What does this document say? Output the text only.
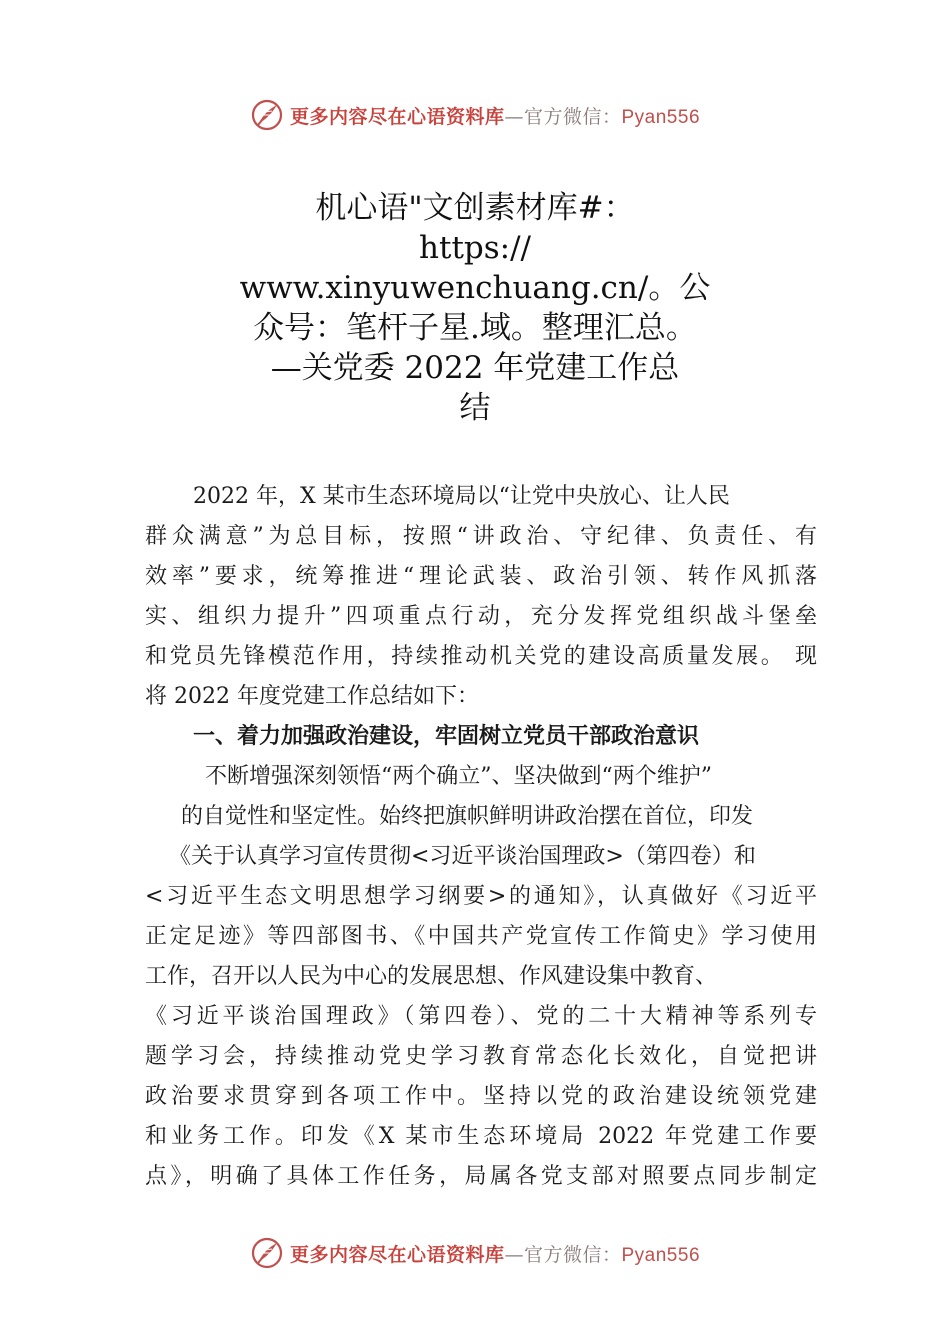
更多内容尽在心语资料库—官方微信：Pyan556
机心语"文创素材库#：
https://
www.xinyuwenchuang.cn/。公
众号：笔杆子星.域。整理汇总。
—关党委 2022 年党建工作总
结
2022 年，X 某市生态环境局以“让党中央放心、让人民
群众满意”为总目标，按照“讲政治、守纪律、负责任、有
效率”要求，统筹推进“理论武装、政治引领、转作风抓落
实、组织力提升”四项重点行动，充分发挥党组织战斗堡垒
和党员先锋模范作用，持续推动机关党的建设高质量发展。 现
将 2022 年度党建工作总结如下：
一、着力加强政治建设，牢固树立党员干部政治意识
不断增强深刻领悟“两个确立”、坚决做到“两个维护”
的自觉性和坚定性。始终把旗帜鲜明讲政治摆在首位，印发
《关于认真学习宣传贯彻<习近平谈治国理政>（第四卷）和
<习近平生态文明思想学习纲要>的通知》，认真做好《习近平
正定足迹》等四部图书、《中国共产党宣传工作简史》学习使用
工作，召开以人民为中心的发展思想、作风建设集中教育、
《习近平谈治国理政》（第四卷）、党的二十大精神等系列专
题学习会，持续推动党史学习教育常态化长效化，自觉把讲
政治要求贯穿到各项工作中。坚持以党的政治建设统领党建
和业务工作。印发《X 某市生态环境局 2022 年党建工作要
点》，明确了具体工作任务，局属各党支部对照要点同步制定
更多内容尽在心语资料库—官方微信：Pyan556
